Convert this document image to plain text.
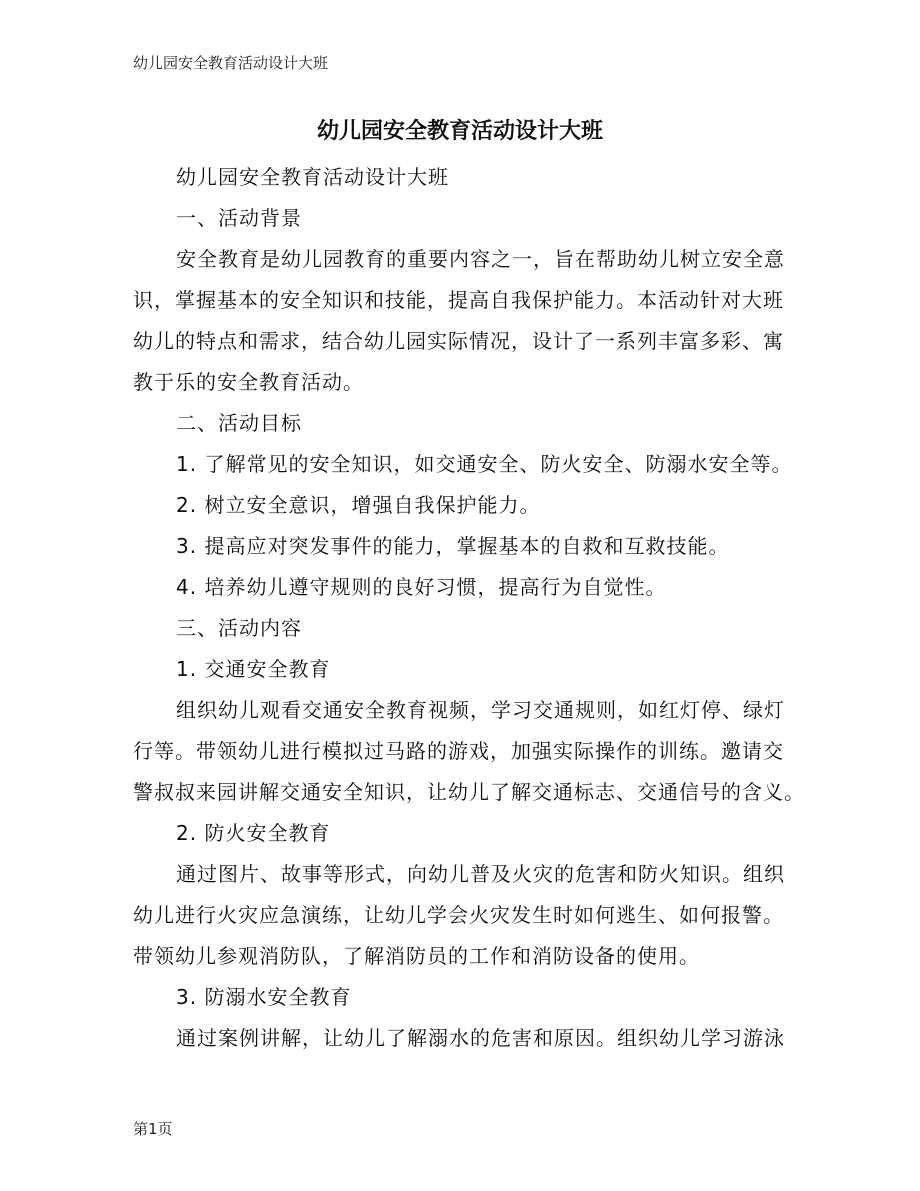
幼儿园安全教育活动设计大班
幼儿园安全教育活动设计大班
幼儿园安全教育活动设计大班
一、活动背景
安全教育是幼儿园教育的重要内容之一，旨在帮助幼儿树立安全意
识，掌握基本的安全知识和技能，提高自我保护能力。本活动针对大班
幼儿的特点和需求，结合幼儿园实际情况，设计了一系列丰富多彩、寓
教于乐的安全教育活动。
二、活动目标
1. 了解常见的安全知识，如交通安全、防火安全、防溺水安全等。
2. 树立安全意识，增强自我保护能力。
3. 提高应对突发事件的能力，掌握基本的自救和互救技能。
4. 培养幼儿遵守规则的良好习惯，提高行为自觉性。
三、活动内容
1. 交通安全教育
组织幼儿观看交通安全教育视频，学习交通规则，如红灯停、绿灯
行等。带领幼儿进行模拟过马路的游戏，加强实际操作的训练。邀请交
警叔叔来园讲解交通安全知识，让幼儿了解交通标志、交通信号的含义。
2. 防火安全教育
通过图片、故事等形式，向幼儿普及火灾的危害和防火知识。组织
幼儿进行火灾应急演练，让幼儿学会火灾发生时如何逃生、如何报警。
带领幼儿参观消防队，了解消防员的工作和消防设备的使用。
3. 防溺水安全教育
通过案例讲解，让幼儿了解溺水的危害和原因。组织幼儿学习游泳
第1页
